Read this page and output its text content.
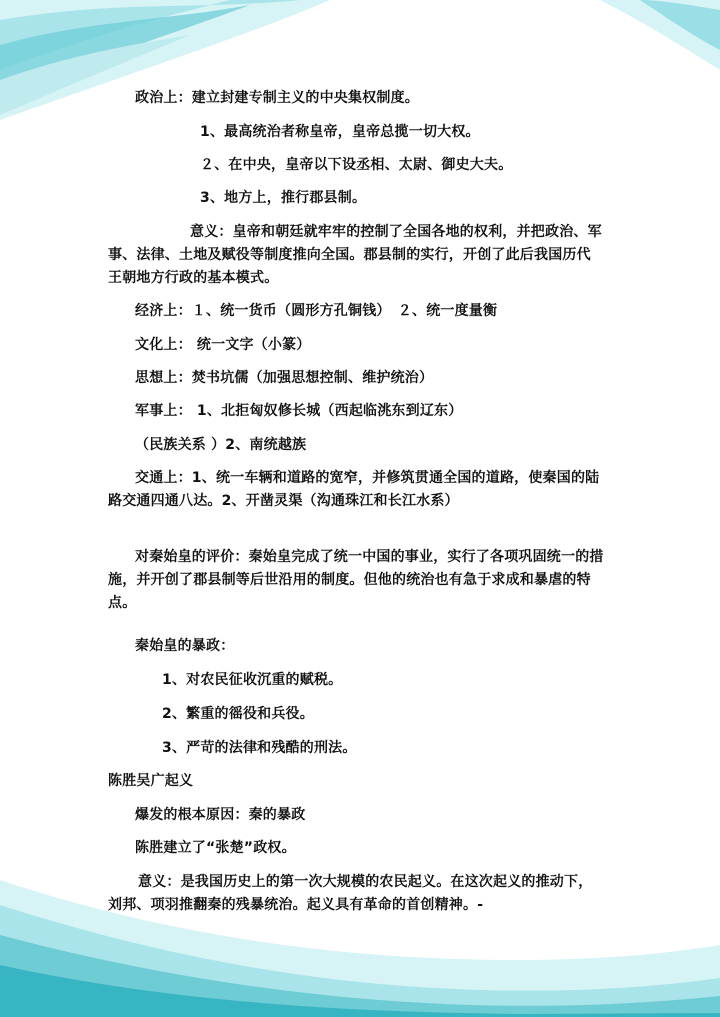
政治上：建立封建专制主义的中央集权制度。
1、最高统治者称皇帝，皇帝总揽一切大权。
２、在中央，皇帝以下设丞相、太尉、御史大夫。
3、地方上，推行郡县制。
意义：皇帝和朝廷就牢牢的控制了全国各地的权利，并把政治、军
事、法律、土地及赋役等制度推向全国。郡县制的实行，开创了此后我国历代
王朝地方行政的基本模式。
经济上：１、统一货币（圆形方孔铜钱）　２、统一度量衡
文化上： 统一文字（小篆）
思想上：焚书坑儒（加强思想控制、维护统治）
军事上： 1、北拒匈奴修长城（西起临洮东到辽东）
（民族关系 ）2、南统越族
交通上：1、统一车辆和道路的宽窄，并修筑贯通全国的道路，使秦国的陆
路交通四通八达。2、开凿灵渠（沟通珠江和长江水系）
对秦始皇的评价：秦始皇完成了统一中国的事业，实行了各项巩固统一的措
施，并开创了郡县制等后世沿用的制度。但他的统治也有急于求成和暴虐的特
点。
秦始皇的暴政：
1、对农民征收沉重的赋税。
2、繁重的徭役和兵役。
3、严苛的法律和残酷的刑法。
陈胜吴广起义
爆发的根本原因：秦的暴政
陈胜建立了“张楚”政权。
意义：是我国历史上的第一次大规模的农民起义。在这次起义的推动下，
刘邦、项羽推翻秦的残暴统治。起义具有革命的首创精神。-
